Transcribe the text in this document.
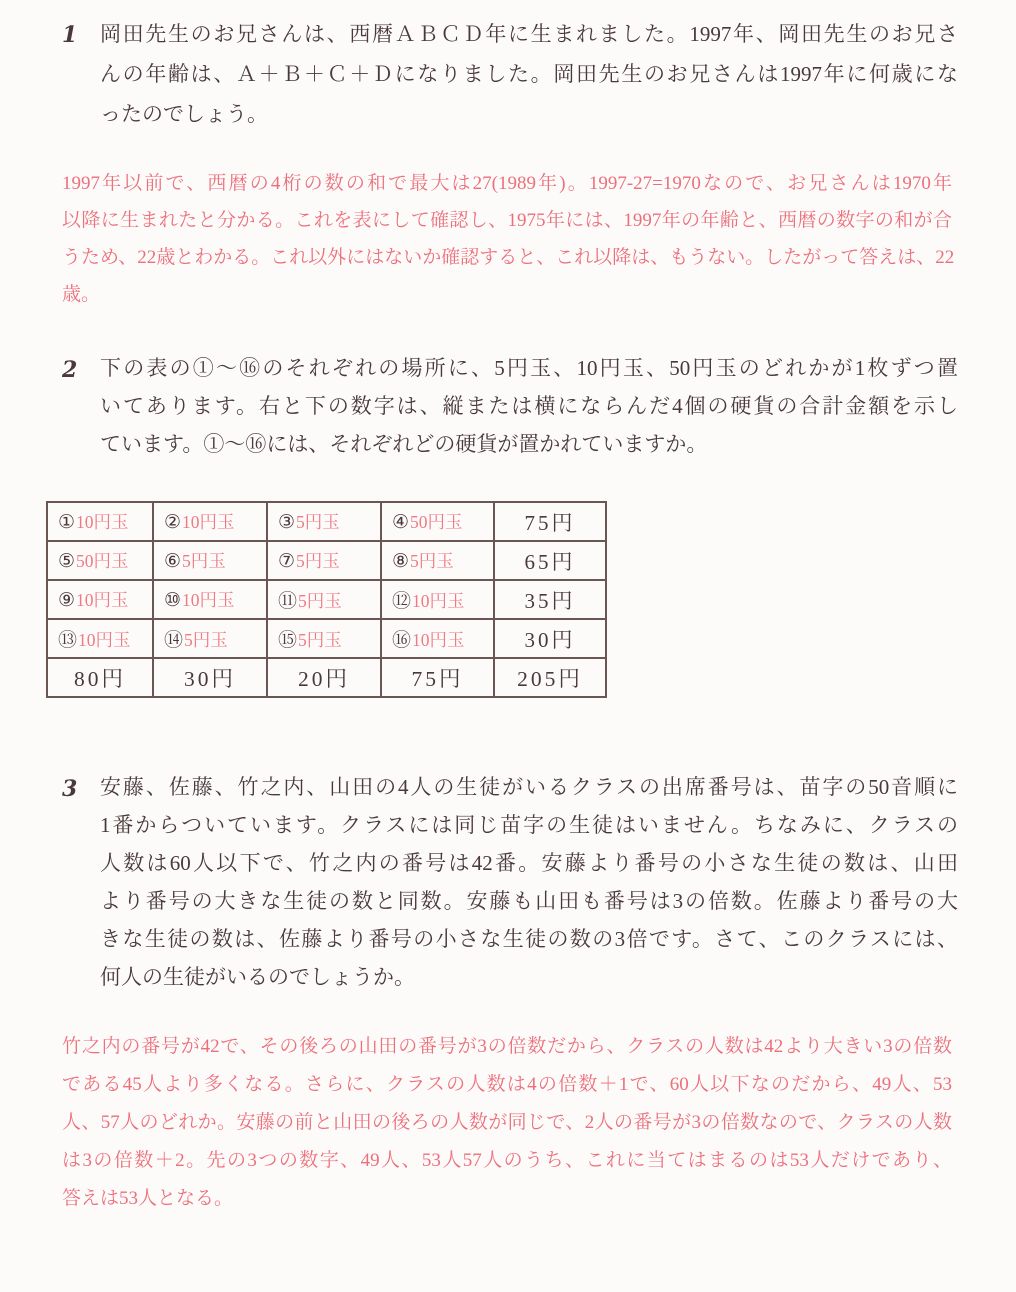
1	岡田先生のお兄さんは、西暦ＡＢＣＤ年に生まれました。1997年、岡田先生のお兄さ
んの年齢は、Ａ＋Ｂ＋Ｃ＋Ｄになりました。岡田先生のお兄さんは1997年に何歳にな
ったのでしょう。
1997年以前で、西暦の4桁の数の和で最大は27(1989年)。1997-27=1970なので、お兄さんは1970年
以降に生まれたと分かる。これを表にして確認し、1975年には、1997年の年齢と、西暦の数字の和が合
うため、22歳とわかる。これ以外にはないか確認すると、これ以降は、もうない。したがって答えは、22
歳。
2	下の表の①～⑯のそれぞれの場所に、5円玉、10円玉、50円玉のどれかが1枚ずつ置
いてあります。右と下の数字は、縦または横にならんだ4個の硬貨の合計金額を示し
ています。①～⑯には、それぞれどの硬貨が置かれていますか。
①10円玉	②10円玉	③5円玉	④50円玉	75円
⑤50円玉	⑥5円玉	⑦5円玉	⑧5円玉	65円
⑨10円玉	⑩10円玉	⑪5円玉	⑫10円玉	35円
⑬10円玉	⑭5円玉	⑮5円玉	⑯10円玉	30円
80円	30円	20円	75円	205円
3	安藤、佐藤、竹之内、山田の4人の生徒がいるクラスの出席番号は、苗字の50音順に
1番からついています。クラスには同じ苗字の生徒はいません。ちなみに、クラスの
人数は60人以下で、竹之内の番号は42番。安藤より番号の小さな生徒の数は、山田
より番号の大きな生徒の数と同数。安藤も山田も番号は3の倍数。佐藤より番号の大
きな生徒の数は、佐藤より番号の小さな生徒の数の3倍です。さて、このクラスには、
何人の生徒がいるのでしょうか。
竹之内の番号が42で、その後ろの山田の番号が3の倍数だから、クラスの人数は42より大きい3の倍数
である45人より多くなる。さらに、クラスの人数は4の倍数＋1で、60人以下なのだから、49人、53
人、57人のどれか。安藤の前と山田の後ろの人数が同じで、2人の番号が3の倍数なので、クラスの人数
は3の倍数＋2。先の3つの数字、49人、53人57人のうち、これに当てはまるのは53人だけであり、
答えは53人となる。
